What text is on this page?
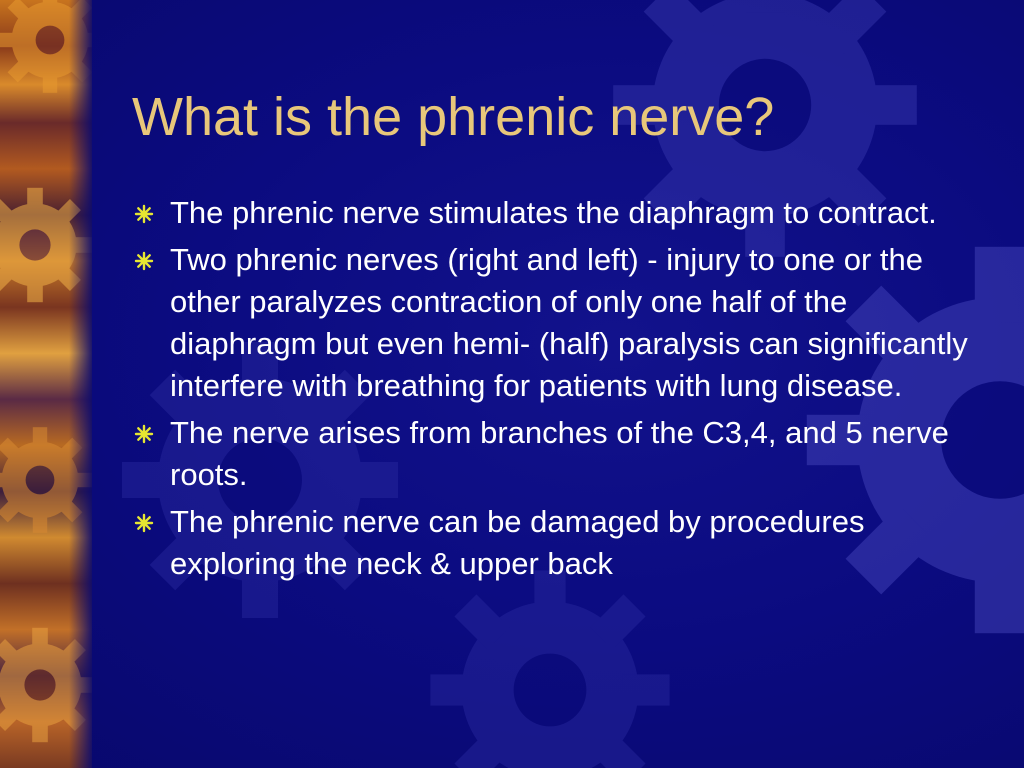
What is the phrenic nerve?
The phrenic nerve stimulates the diaphragm to contract.
Two phrenic nerves (right and left) - injury to one or the other paralyzes contraction of only one half of the diaphragm but even hemi- (half) paralysis can significantly interfere with breathing for patients with lung disease.
The nerve arises from branches of the C3,4, and 5 nerve roots.
The phrenic nerve can be damaged by procedures exploring the neck & upper back
